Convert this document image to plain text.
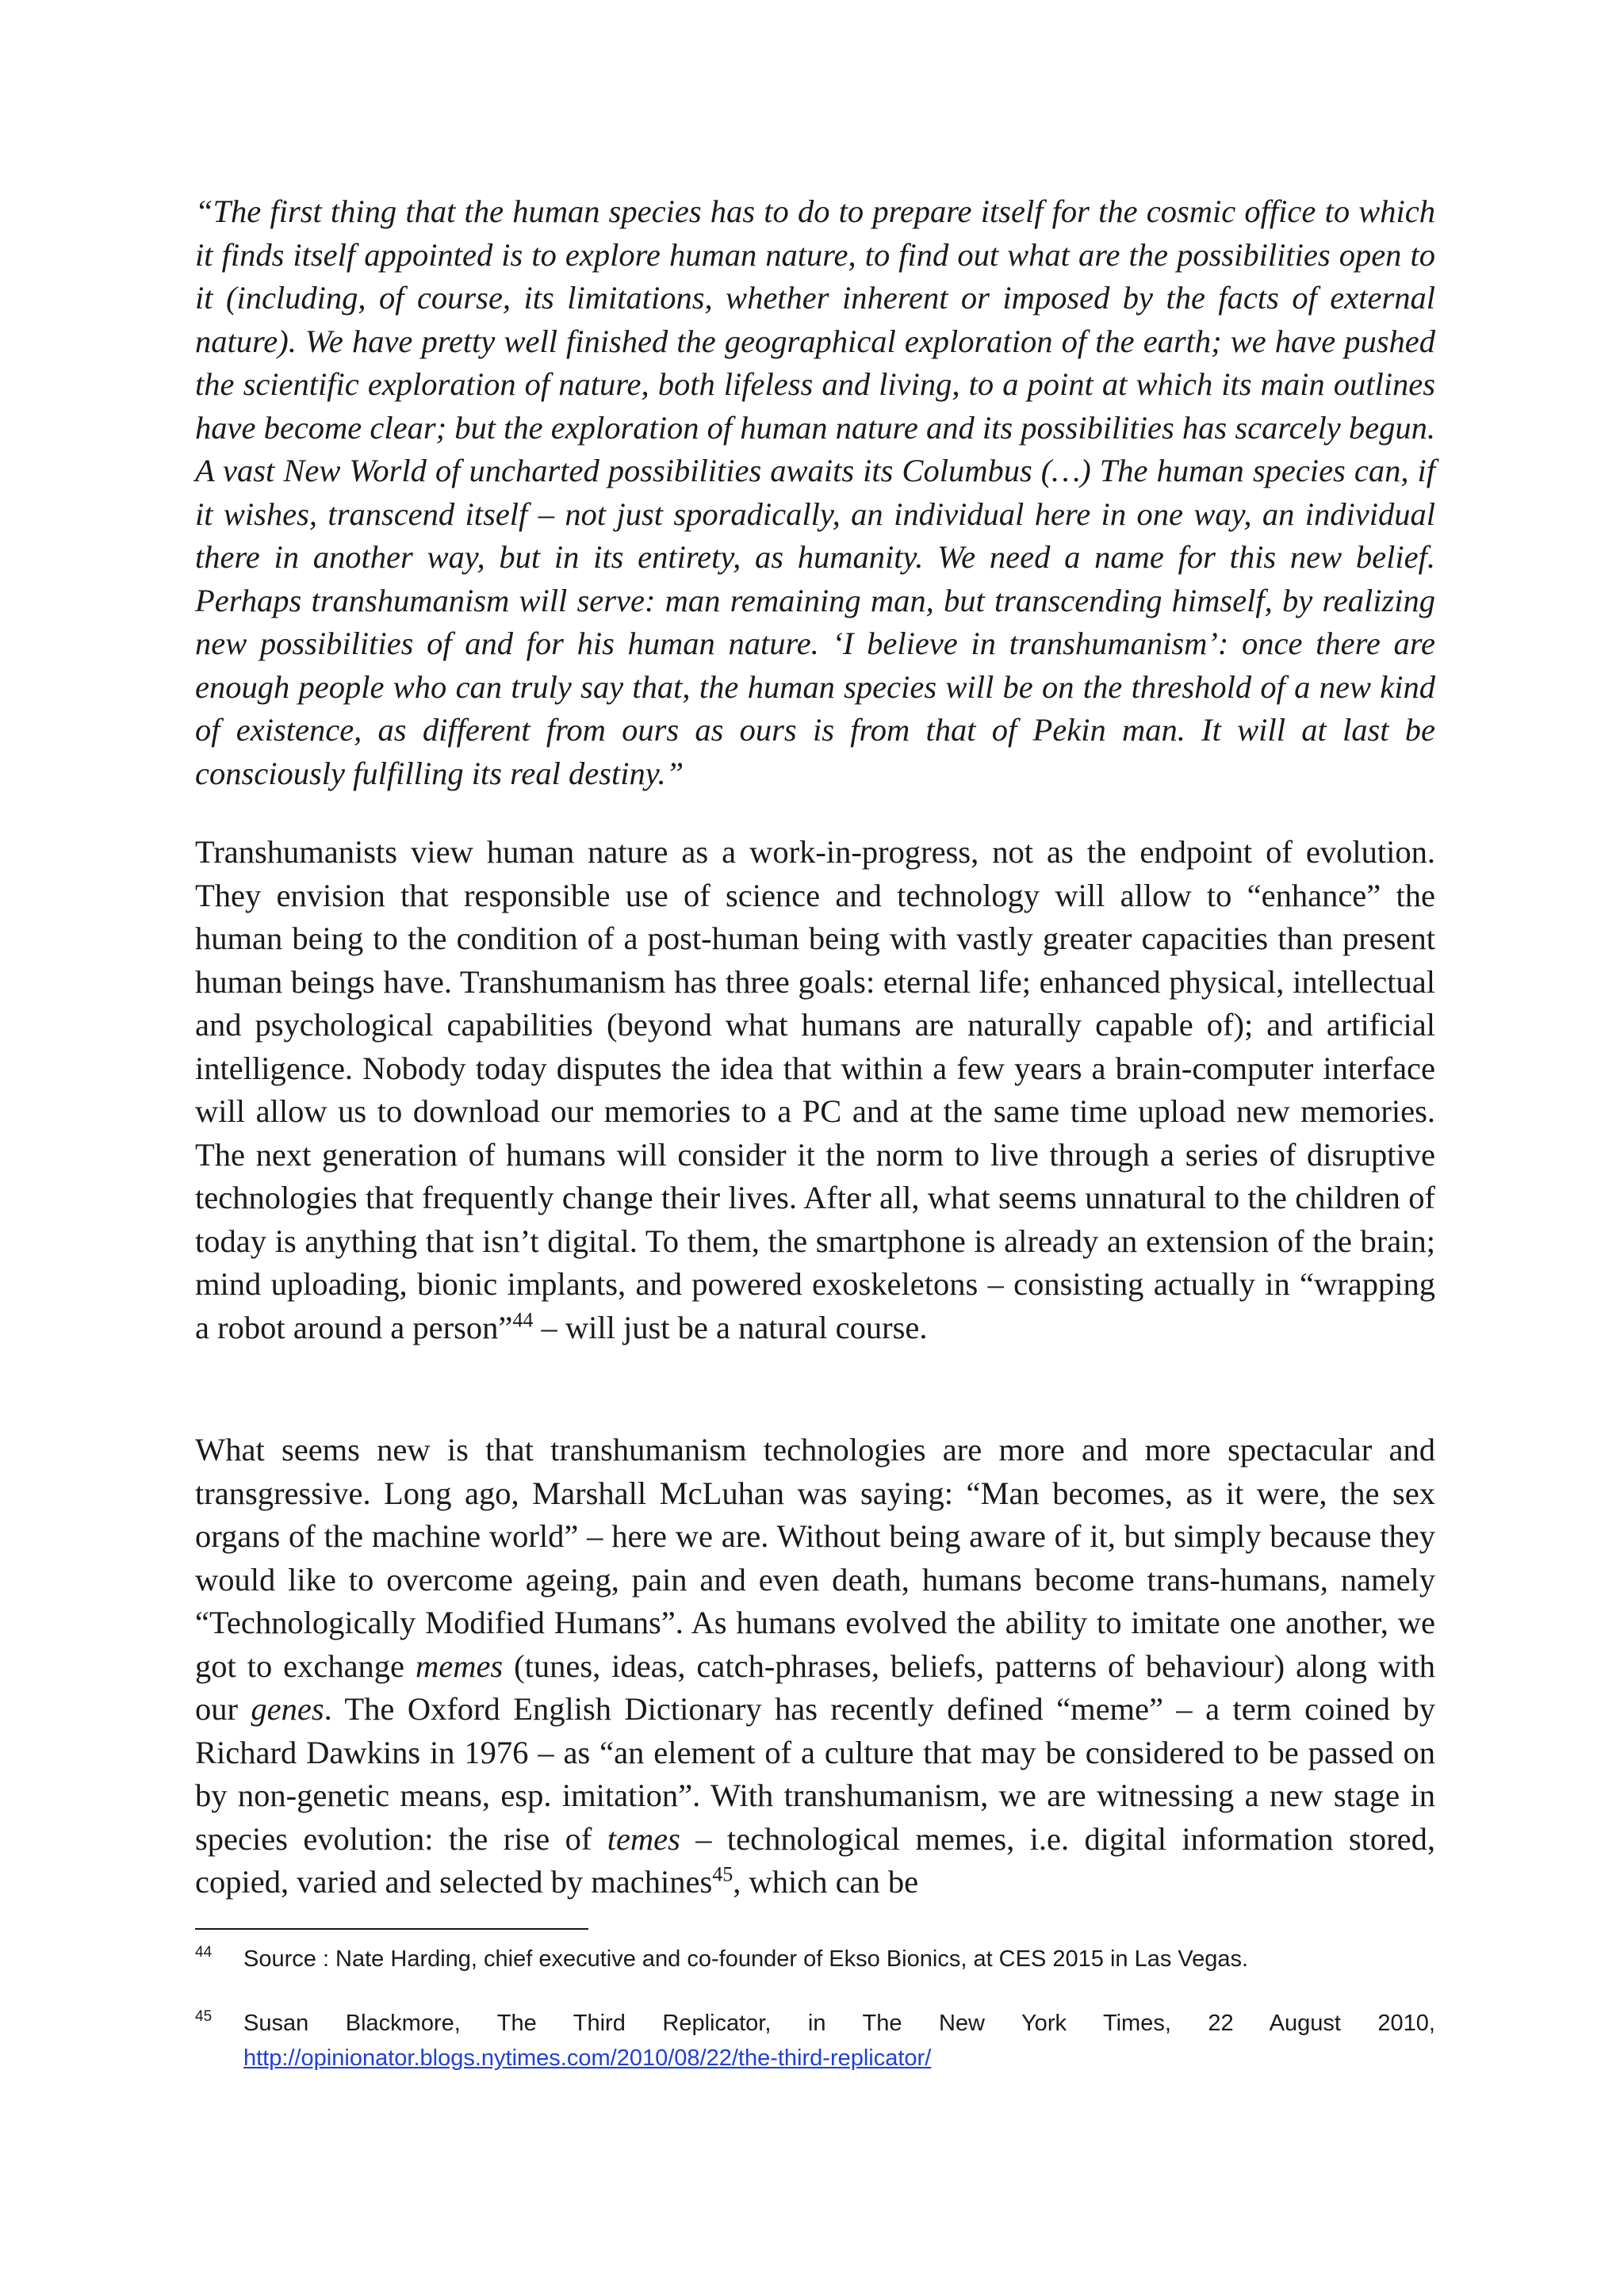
“The first thing that the human species has to do to prepare itself for the cosmic office to which it finds itself appointed is to explore human nature, to find out what are the possibilities open to it (including, of course, its limitations, whether inherent or imposed by the facts of external nature). We have pretty well finished the geographical exploration of the earth; we have pushed the scientific exploration of nature, both lifeless and living, to a point at which its main outlines have become clear; but the exploration of human nature and its possibilities has scarcely begun. A vast New World of uncharted possibilities awaits its Columbus (…) The human species can, if it wishes, transcend itself – not just sporadically, an individual here in one way, an individual there in another way, but in its entirety, as humanity. We need a name for this new belief. Perhaps transhumanism will serve: man remaining man, but transcending himself, by realizing new possibilities of and for his human nature. ‘I believe in transhumanism’: once there are enough people who can truly say that, the human species will be on the threshold of a new kind of existence, as different from ours as ours is from that of Pekin man. It will at last be consciously fulfilling its real destiny.”

Transhumanists view human nature as a work-in-progress, not as the endpoint of evolution. They envision that responsible use of science and technology will allow to “enhance” the human being to the condition of a post-human being with vastly greater capacities than present human beings have. Transhumanism has three goals: eternal life; enhanced physical, intellectual and psychological capabilities (beyond what humans are naturally capable of); and artificial intelligence. Nobody today disputes the idea that within a few years a brain-computer interface will allow us to download our memories to a PC and at the same time upload new memories. The next generation of humans will consider it the norm to live through a series of disruptive technologies that frequently change their lives. After all, what seems unnatural to the children of today is anything that isn’t digital. To them, the smartphone is already an extension of the brain; mind uploading, bionic implants, and powered exoskeletons – consisting actually in “wrapping a robot around a person”$^{44}$ – will just be a natural course.

What seems new is that transhumanism technologies are more and more spectacular and transgressive. Long ago, Marshall McLuhan was saying: “Man becomes, as it were, the sex organs of the machine world” – here we are. Without being aware of it, but simply because they would like to overcome ageing, pain and even death, humans become trans-humans, namely “Technologically Modified Humans”. As humans evolved the ability to imitate one another, we got to exchange memes (tunes, ideas, catch-phrases, beliefs, patterns of behaviour) along with our genes. The Oxford English Dictionary has recently defined “meme” – a term coined by Richard Dawkins in 1976 – as “an element of a culture that may be considered to be passed on by non-genetic means, esp. imitation”. With transhumanism, we are witnessing a new stage in species evolution: the rise of temes – technological memes, i.e. digital information stored, copied, varied and selected by machines$^{45}$, which can be

44 Source : Nate Harding, chief executive and co-founder of Ekso Bionics, at CES 2015 in Las Vegas.
45 Susan Blackmore, The Third Replicator, in The New York Times, 22 August 2010,
http://opinionator.blogs.nytimes.com/2010/08/22/the-third-replicator/
